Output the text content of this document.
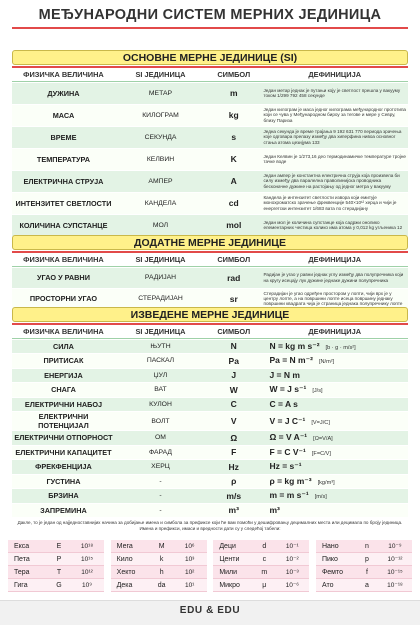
МЕЂУНАРОДНИ СИСТЕМ МЕРНИХ ЈЕДИНИЦА
ОСНОВНЕ МЕРНЕ ЈЕДИНИЦЕ (SI)
ФИЗИЧКА ВЕЛИЧИНА	SI ЈЕДИНИЦА	СИМБОЛ	ДЕФИНИЦИЈА
ДУЖИНА	МЕТАР	m	Један метар једнак је путањи коју је светлост прешла у вакууму током 1/299 792 458 секунде
МАСА	КИЛОГРАМ	kg	Један килограм је маса једног килограма међународног прототипа који се чува у Међународном бироу за тегове и мере у Севру, близу Париза
ВРЕМЕ	СЕКУНДА	s	Једна секунда је време трајања 9 192 631 770 периода зрачења које одговара прелазу између два хиперфина нивоа основног стања атома цезијума 133
ТЕМПЕРАТУРА	КЕЛВИН	K	Један Келвин је 1/273,16 део термодинамичке температуре тројне тачке воде
ЕЛЕКТРИЧНА СТРУЈА	АМПЕР	A	Један ампер је константна електрична струја која произвела би силу између два паралелна праволинијска проводника бесконачне дужине на растојању од једног метра у вакууму
ИНТЕНЗИТЕТ СВЕТЛОСТИ	КАНДЕЛА	cd	Кандела је интензитет светлости извора који емитује монохроматско зрачење фреквенције 540×10¹² херца и чији је енергетски интензитет 1/683 вата по стерадијану
КОЛИЧИНА СУПСТАНЦЕ	МОЛ	mol	Један мол је количина супстанце која садржи онолико елементарних честица колико има атома у 0,012 kg угљеника 12
ДОДАТНЕ МЕРНЕ ЈЕДИНИЦЕ
ФИЗИЧКА ВЕЛИЧИНА	SI ЈЕДИНИЦА	СИМБОЛ	ДЕФИНИЦИЈА
УГАО У РАВНИ	РАДИЈАН	rad	Радијан је угао у равни једнак углу између два полупречника који на кругу исецају лук дужине једнаке дужини полупречника
ПРОСТОРНИ УГАО	СТЕРАДИЈАН	sr	Стерадијан је угао одређен простором у лопти, чији врх је у центру лопте, а на површини лопте исеца површину једнаку површини квадрата чија је страница једнака полупречнику лопте
ИЗВЕДЕНЕ МЕРНЕ ЈЕДИНИЦЕ
ФИЗИЧКА ВЕЛИЧИНА	SI ЈЕДИНИЦА	СИМБОЛ	ДЕФИНИЦИЈА
СИЛА	ЊУТН	N	N = kg m s⁻² [b · g · m/s²]
ПРИТИСАК	ПАСКАЛ	Pa	Pa = N m⁻² [N/m²]
ЕНЕРГИЈА	ЏУЛ	J	J = N m
СНАГА	ВАТ	W	W = J s⁻¹ [J/s]
ЕЛЕКТРИЧНИ НАБОЈ	КУЛОН	C	C = A s
ЕЛЕКТРИЧНИ ПОТЕНЦИЈАЛ	ВОЛТ	V	V = J C⁻¹ [V=J/C]
ЕЛЕКТРИЧНИ ОТПОРНОСТ	ОМ	Ω	Ω = V A⁻¹ [Ω=V/A]
ЕЛЕКТРИЧНИ КАПАЦИТЕТ	ФАРАД	F	F = C V⁻¹ [F=C/V]
ФРЕКФЕНЦИЈА	ХЕРЦ	Hz	Hz = s⁻¹
ГУСТИНА	-	ρ	ρ = kg m⁻³ [kg/m³]
БРЗИНА	-	m/s	m = m s⁻¹ [m/s]
ЗАПРЕМИНА	-	m³	m³
Дакле, то је један од најједноставнијих начина за добијање имена и симбола за префиксе који ће вам помоћи у дешифровању децималних места или децимала по броју јединица. Имена и префикси, имаси и вредности дати су у следећој табели:
Екса	E	10¹⁸
Пета	P	10¹⁵
Тера	T	10¹²
Гига	G	10⁹
Мега	M	10⁶
Кило	k	10³
Хекто	h	10²
Дека	da	10¹
Деци	d	10⁻¹
Центи	c	10⁻²
Мили	m	10⁻³
Микро	μ	10⁻⁶
Нано	n	10⁻⁹
Пико	p	10⁻¹²
Фемто	f	10⁻¹⁵
Ато	a	10⁻¹⁸
EDU & EDU
